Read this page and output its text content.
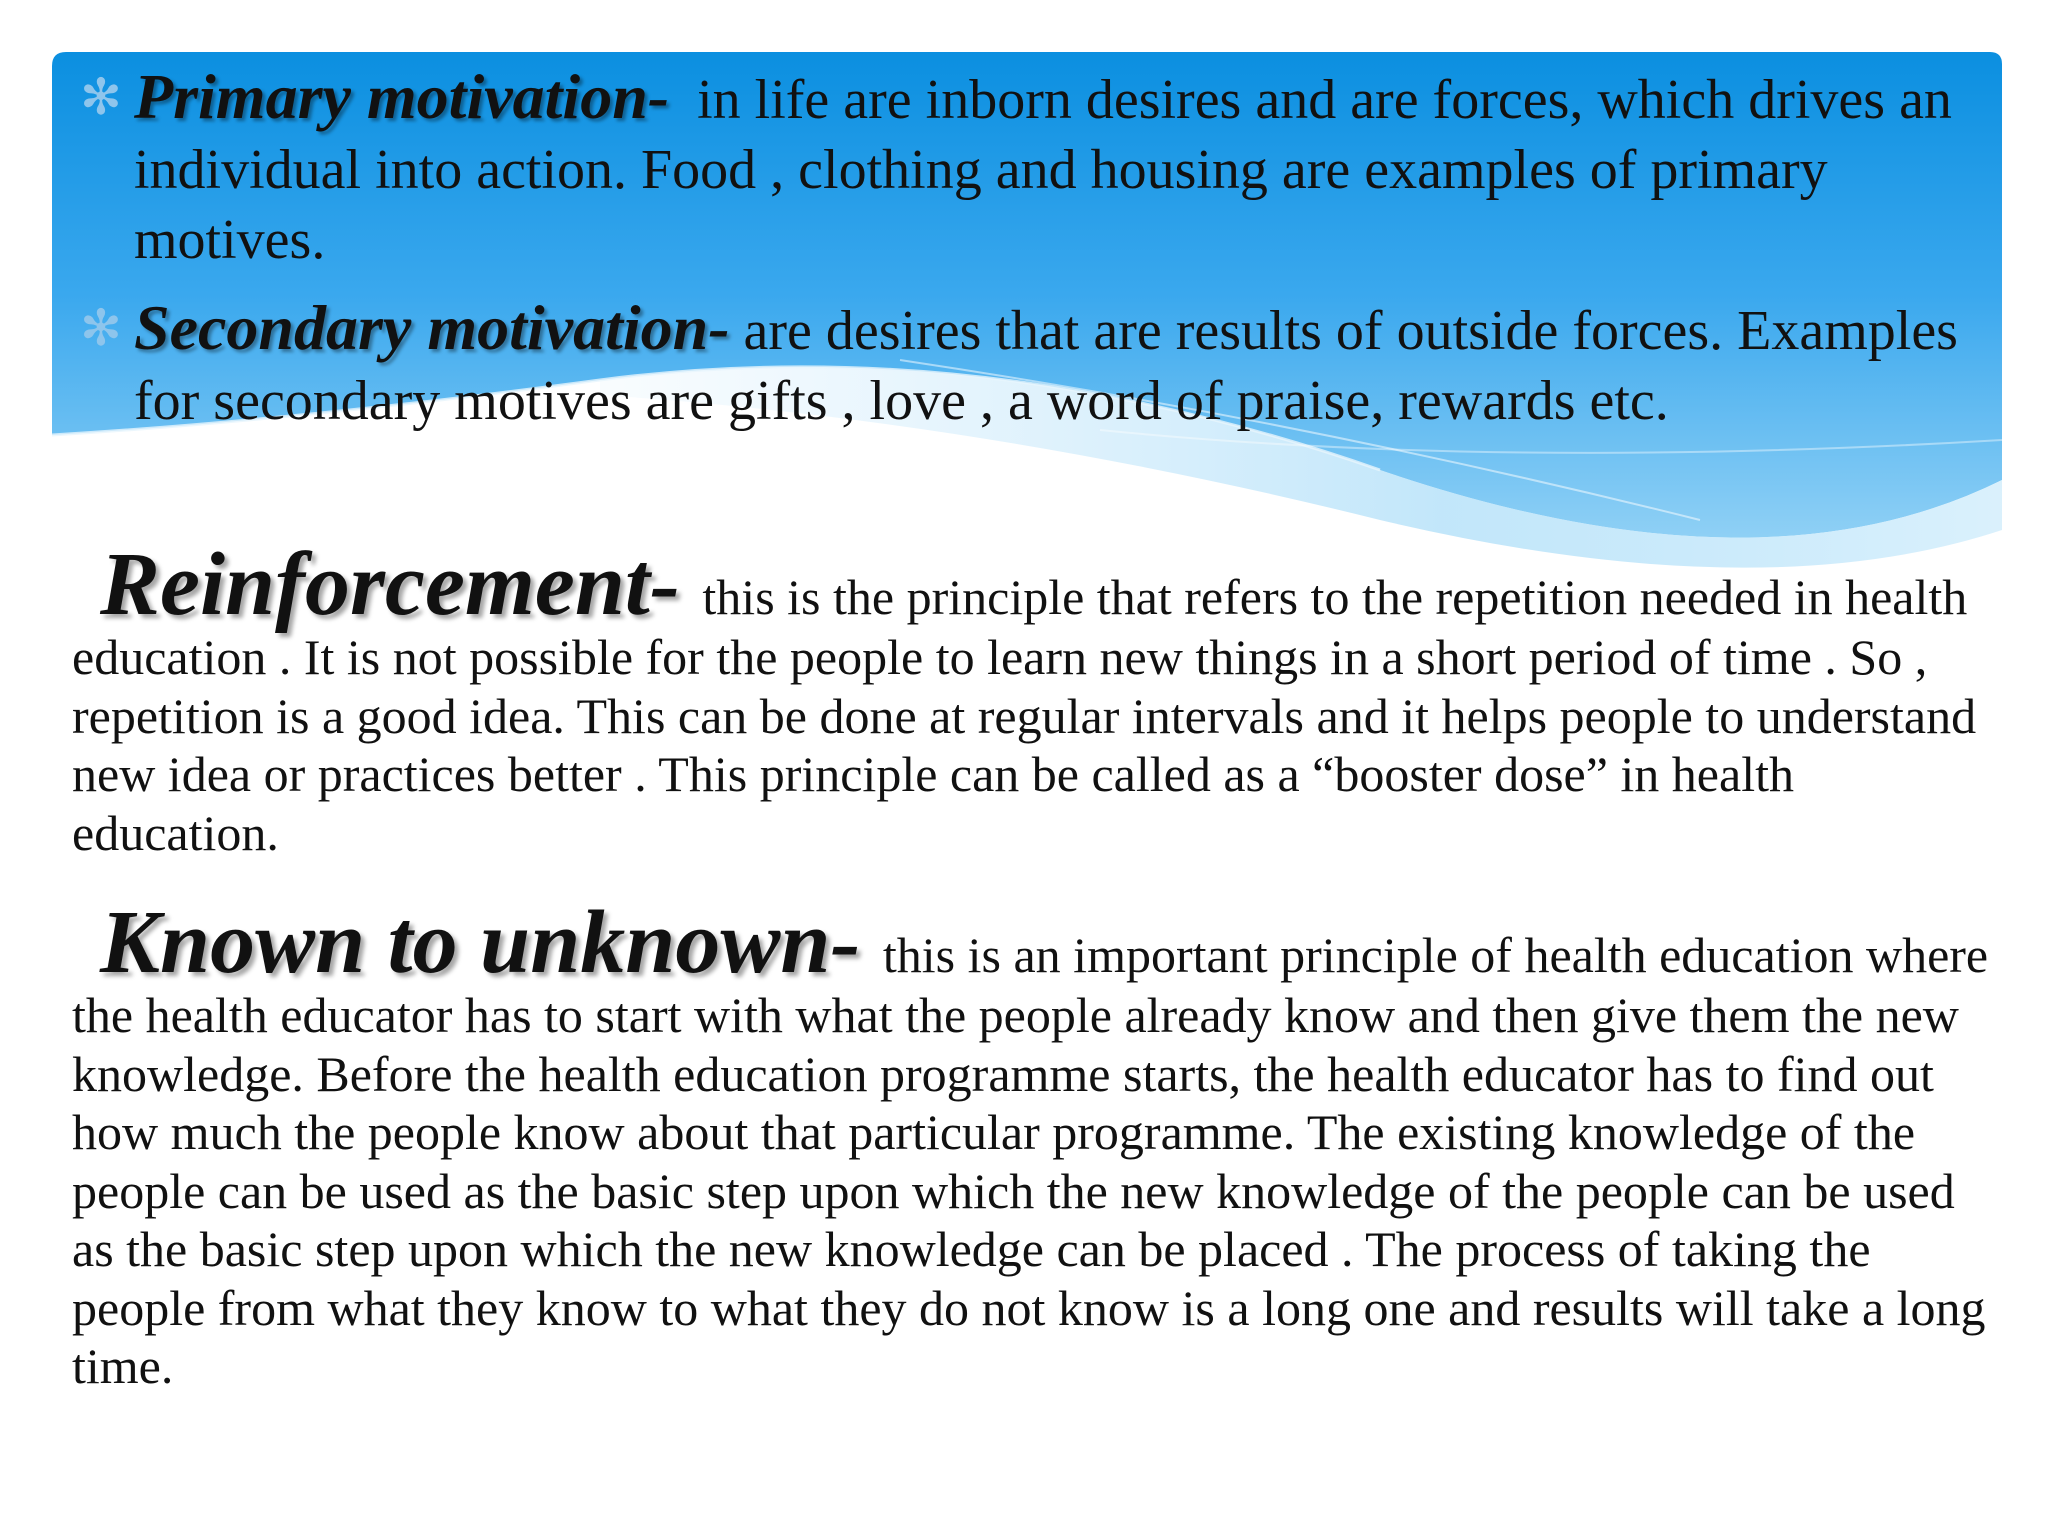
✻ Primary motivation- in life are inborn desires and are forces, which drives an individual into action. Food , clothing and housing are examples of primary motives.
✻ Secondary motivation- are desires that are results of outside forces. Examples for secondary motives are gifts , love , a word of praise, rewards etc.
Reinforcement- this is the principle that refers to the repetition needed in health education . It is not possible for the people to learn new things in a short period of time . So , repetition is a good idea. This can be done at regular intervals and it helps people to understand new idea or practices better . This principle can be called as a “booster dose” in health education.
Known to unknown- this is an important principle of health education where the health educator has to start with what the people already know and then give them the new knowledge. Before the health education programme starts, the health educator has to find out how much the people know about that particular programme. The existing knowledge of the people can be used as the basic step upon which the new knowledge of the people can be used as the basic step upon which the new knowledge can be placed . The process of taking the people from what they know to what they do not know is a long one and results will take a long time.
